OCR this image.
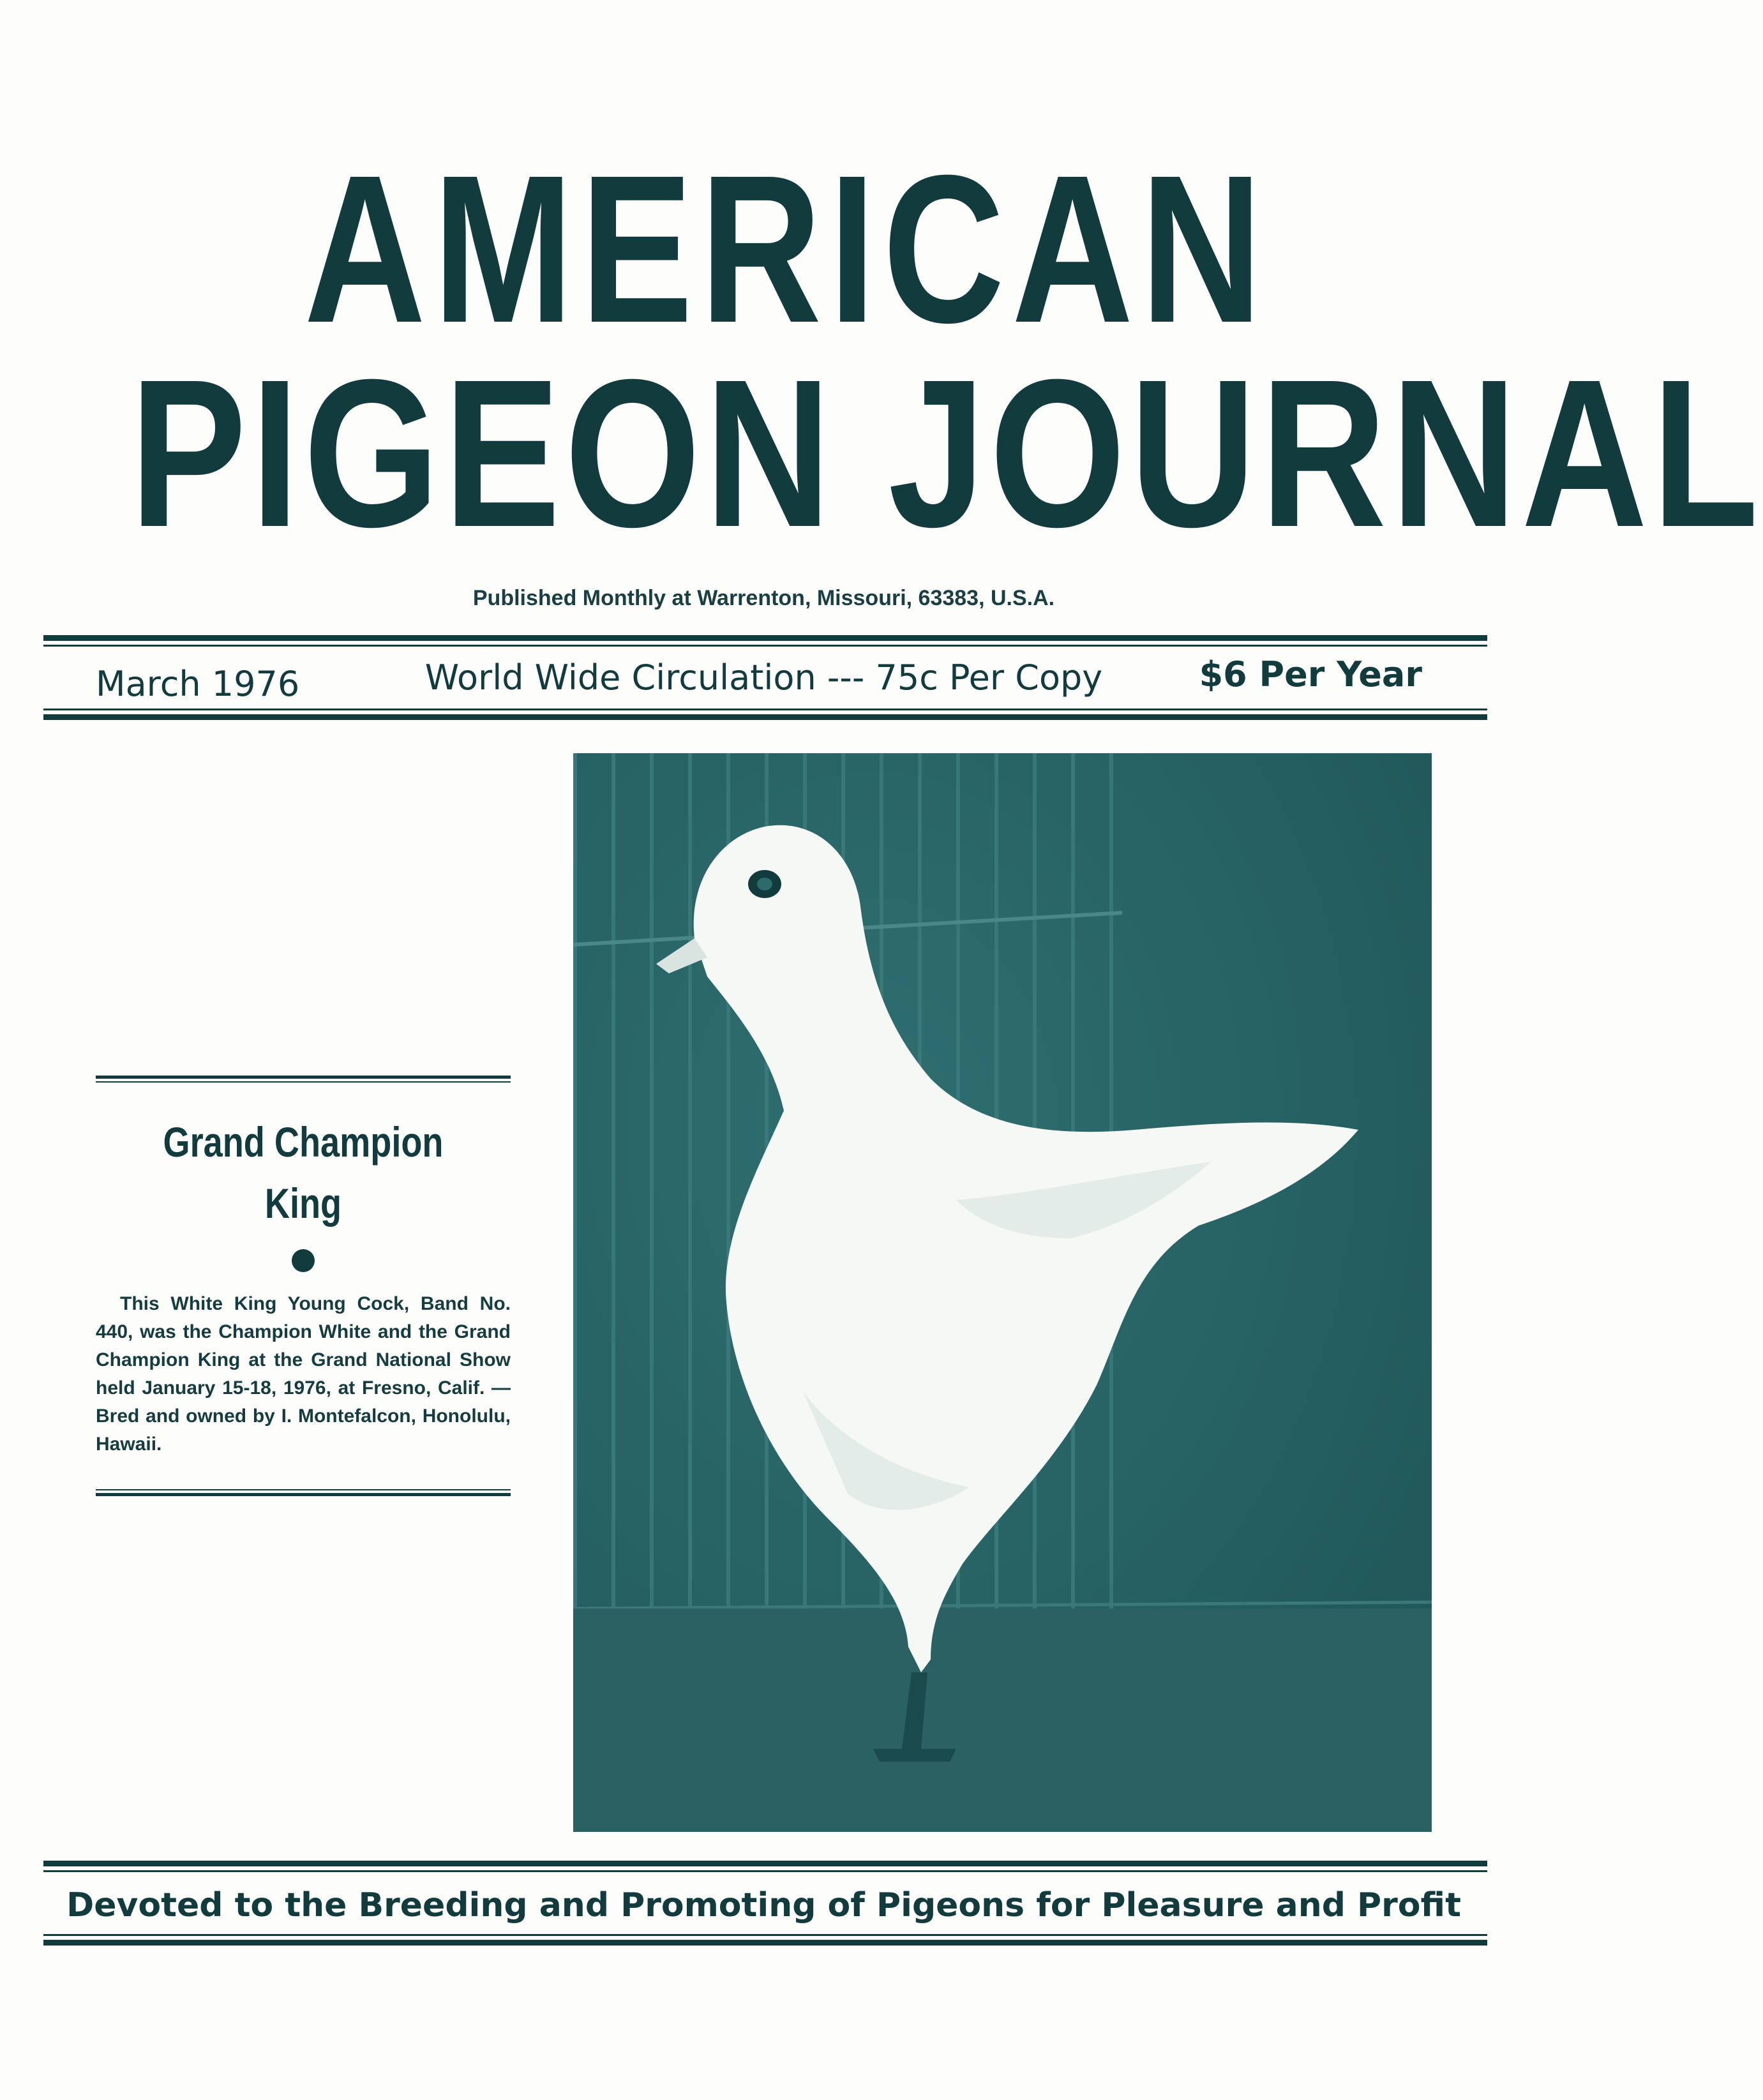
AMERICAN
PIGEON JOURNAL
Published Monthly at Warrenton, Missouri, 63383, U.S.A.
March 1976	World Wide Circulation --- 75c Per Copy	$6 Per Year
Grand Champion
King

This White King Young Cock, Band No. 440, was the Champion White and the Grand Champion King at the Grand National Show held January 15-18, 1976, at Fresno, Calif. — Bred and owned by I. Montefalcon, Honolulu, Hawaii.

Devoted to the Breeding and Promoting of Pigeons for Pleasure and Profit
